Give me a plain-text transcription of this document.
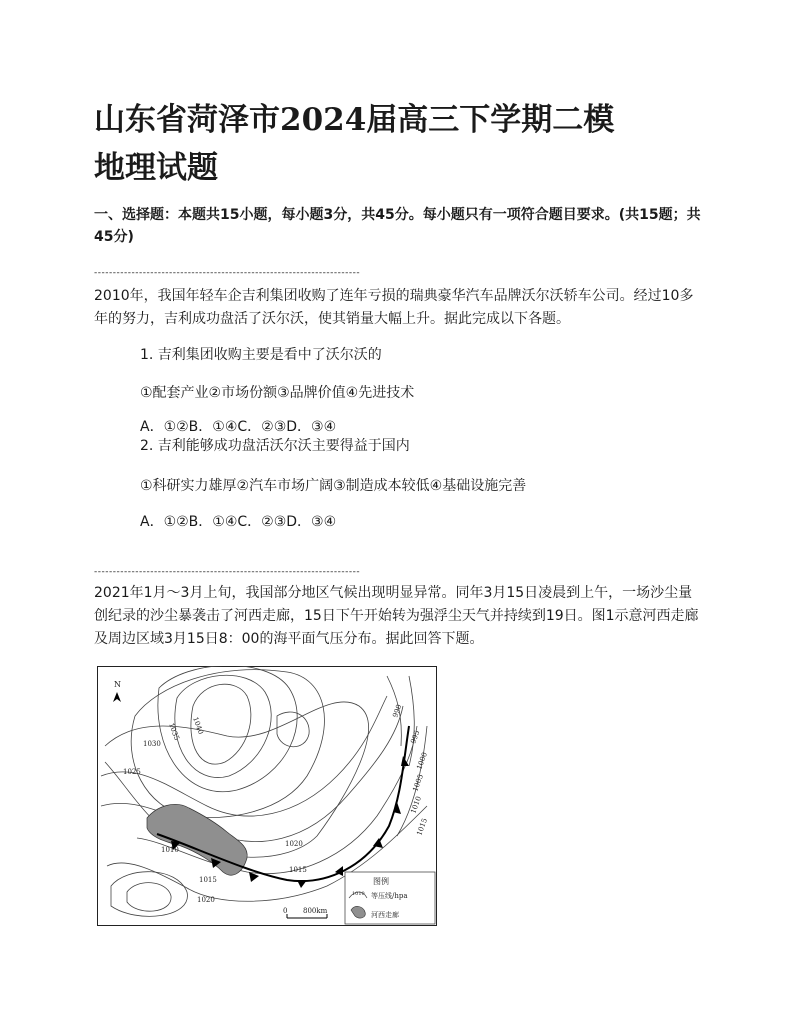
山东省菏泽市2024届高三下学期二模
地理试题
一、选择题：本题共15小题，每小题3分，共45分。每小题只有一项符合题目要求。(共15题；共45分)
-----------------------------------------------------------------------
2010年，我国年轻车企吉利集团收购了连年亏损的瑞典豪华汽车品牌沃尔沃轿车公司。经过10多年的努力，吉利成功盘活了沃尔沃，使其销量大幅上升。据此完成以下各题。
1. 吉利集团收购主要是看中了沃尔沃的
①配套产业②市场份额③品牌价值④先进技术
A．①②B．①④C．②③D．③④
2. 吉利能够成功盘活沃尔沃主要得益于国内
①科研实力雄厚②汽车市场广阔③制造成本较低④基础设施完善
A．①②B．①④C．②③D．③④
-----------------------------------------------------------------------
2021年1月～3月上旬，我国部分地区气候出现明显异常。同年3月15日凌晨到上午，一场沙尘量创纪录的沙尘暴袭击了河西走廊，15日下午开始转为强浮尘天气并持续到19日。图1示意河西走廊及周边区域3月15日8：00的海平面气压分布。据此回答下题。
N
1040
1035
1030
1025
1020
1015
1010
1015
1020
990
995
1000
1005
1010
1015
0 800km
图例
1010 等压线/hpa
河西走廊
